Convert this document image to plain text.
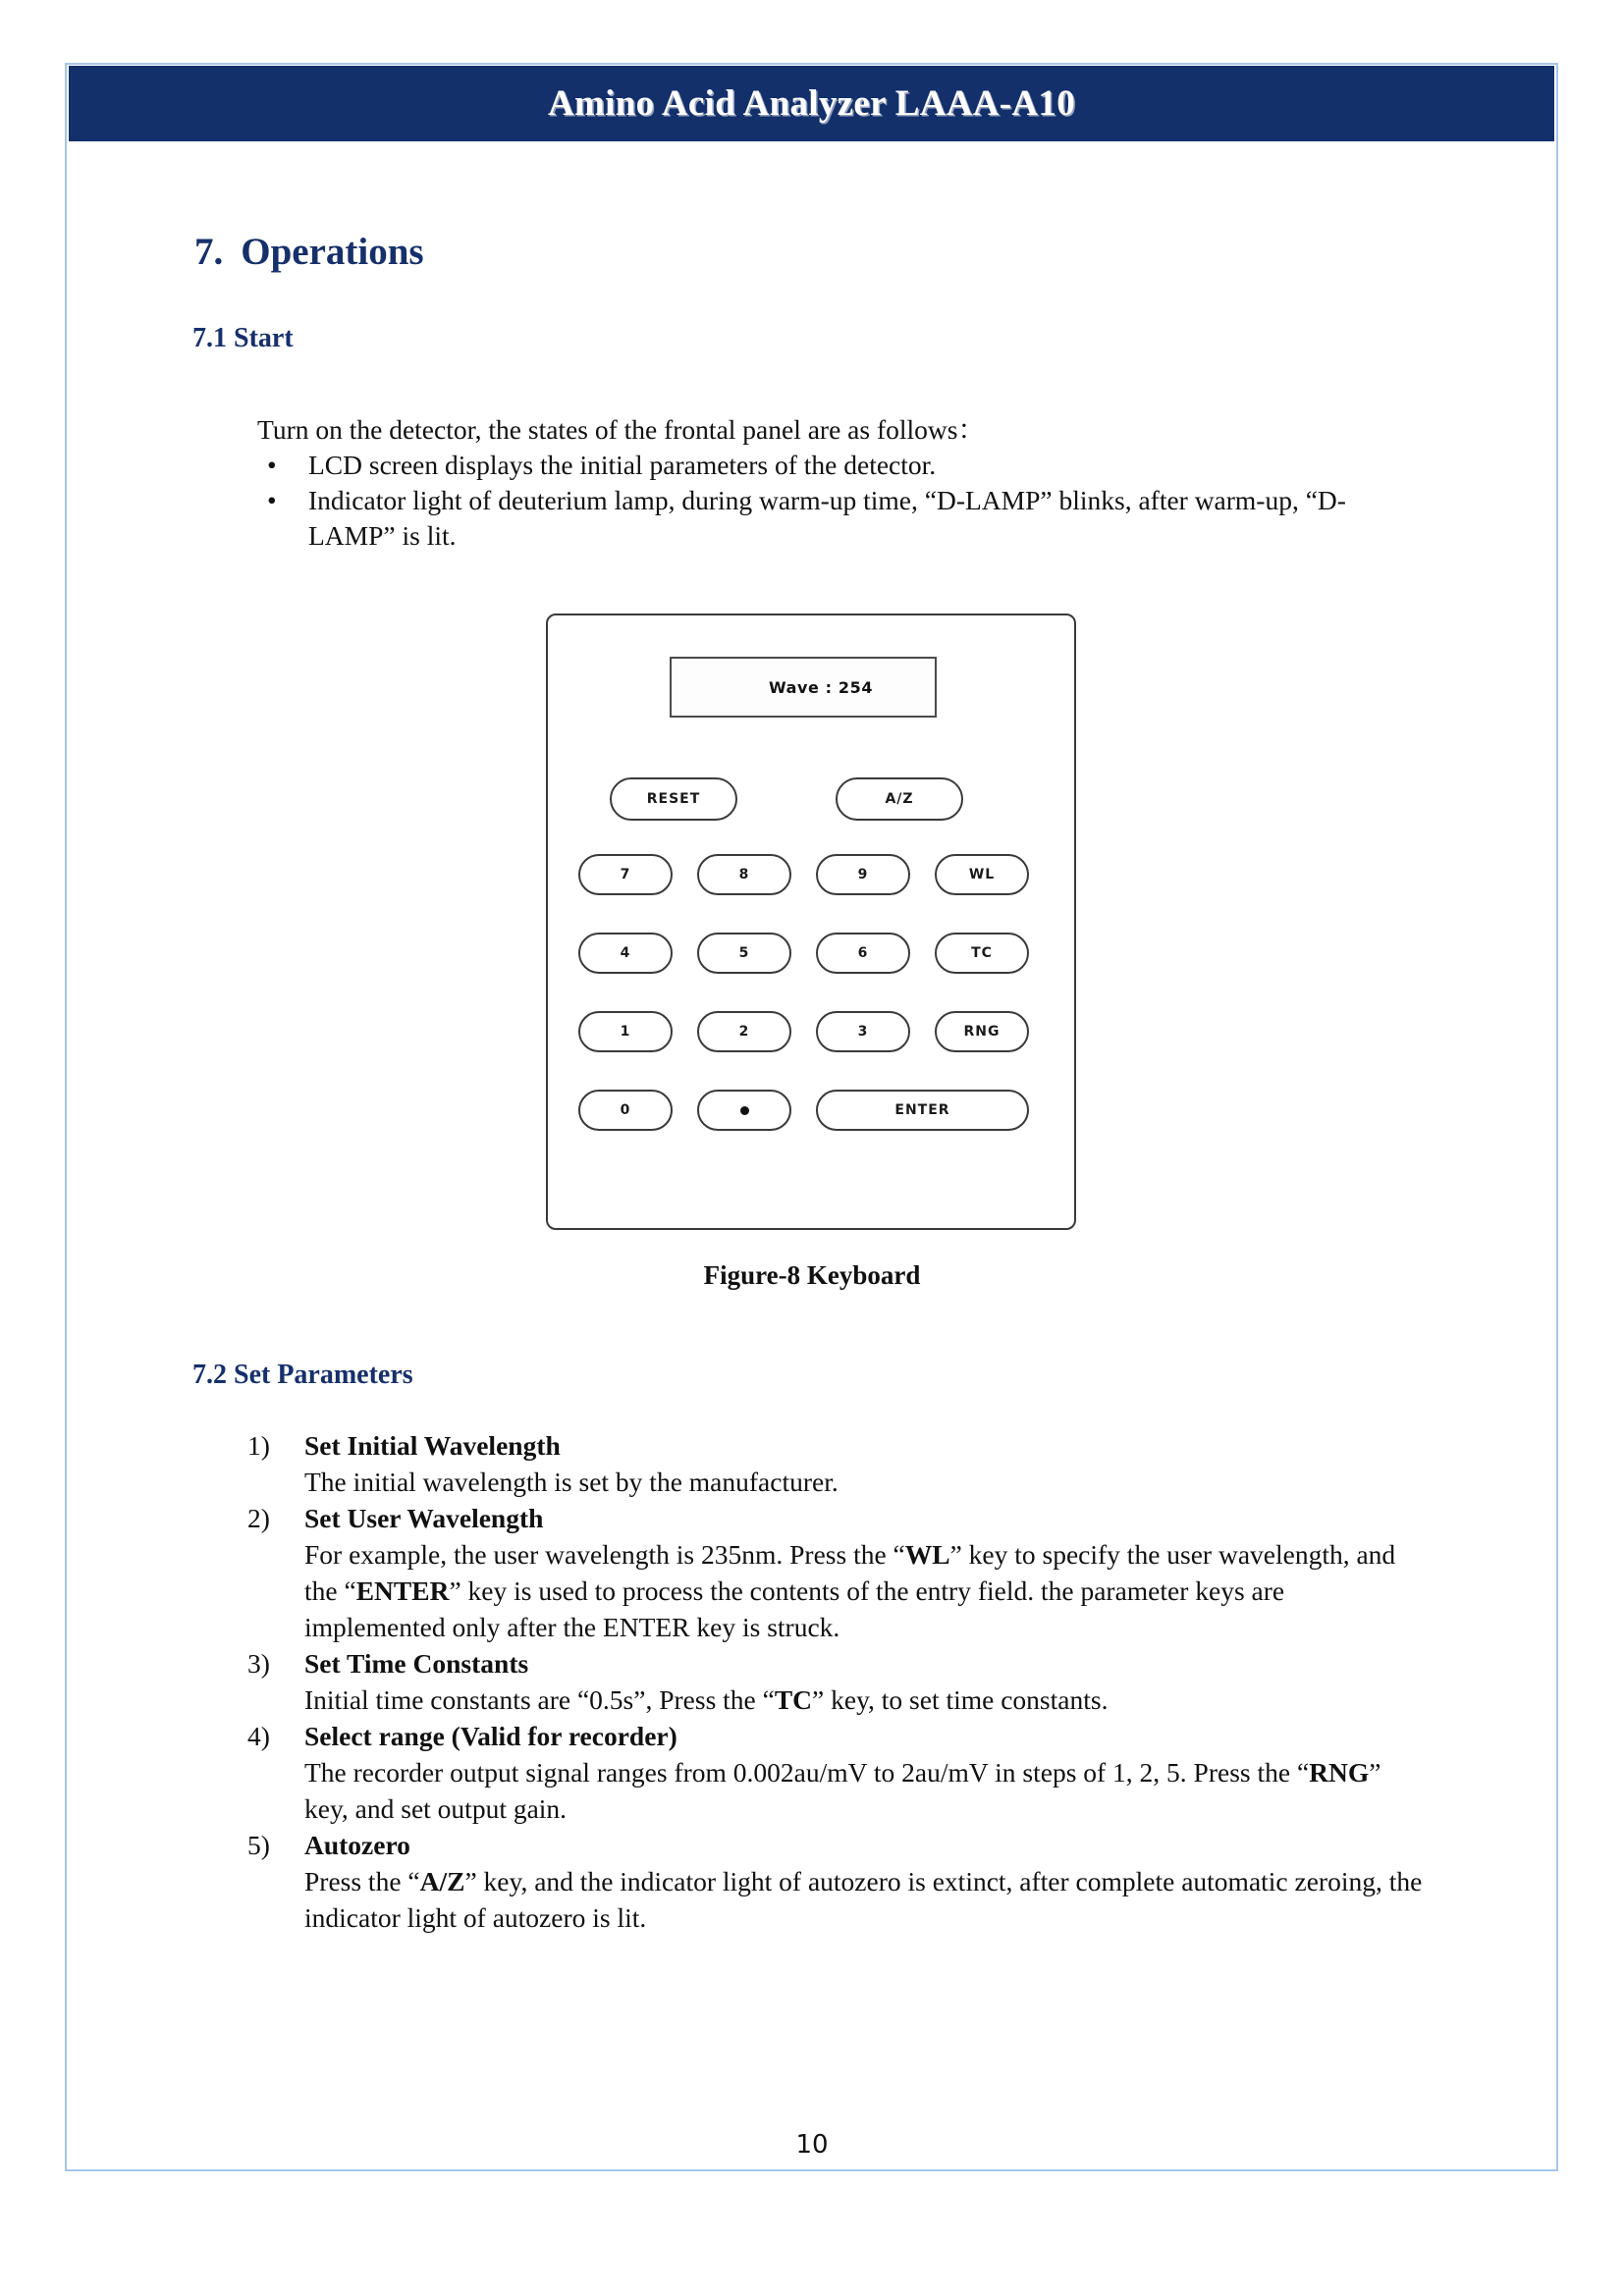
Amino Acid Analyzer LAAA-A10
7. Operations
7.1 Start
Turn on the detector, the states of the frontal panel are as follows：
• LCD screen displays the initial parameters of the detector.
• Indicator light of deuterium lamp, during warm-up time, “D-LAMP” blinks, after warm-up, “D-LAMP” is lit.
Wave : 254
RESET	A/Z
7	8	9	WL
4	5	6	TC
1	2	3	RNG
0	ENTER
Figure-8 Keyboard
7.2 Set Parameters
1) Set Initial Wavelength
The initial wavelength is set by the manufacturer.
2) Set User Wavelength
For example, the user wavelength is 235nm. Press the “WL” key to specify the user wavelength, and the “ENTER” key is used to process the contents of the entry field. the parameter keys are implemented only after the ENTER key is struck.
3) Set Time Constants
Initial time constants are “0.5s”, Press the “TC” key, to set time constants.
4) Select range (Valid for recorder)
The recorder output signal ranges from 0.002au/mV to 2au/mV in steps of 1, 2, 5. Press the “RNG” key, and set output gain.
5) Autozero
Press the “A/Z” key, and the indicator light of autozero is extinct, after complete automatic zeroing, the indicator light of autozero is lit.
10
